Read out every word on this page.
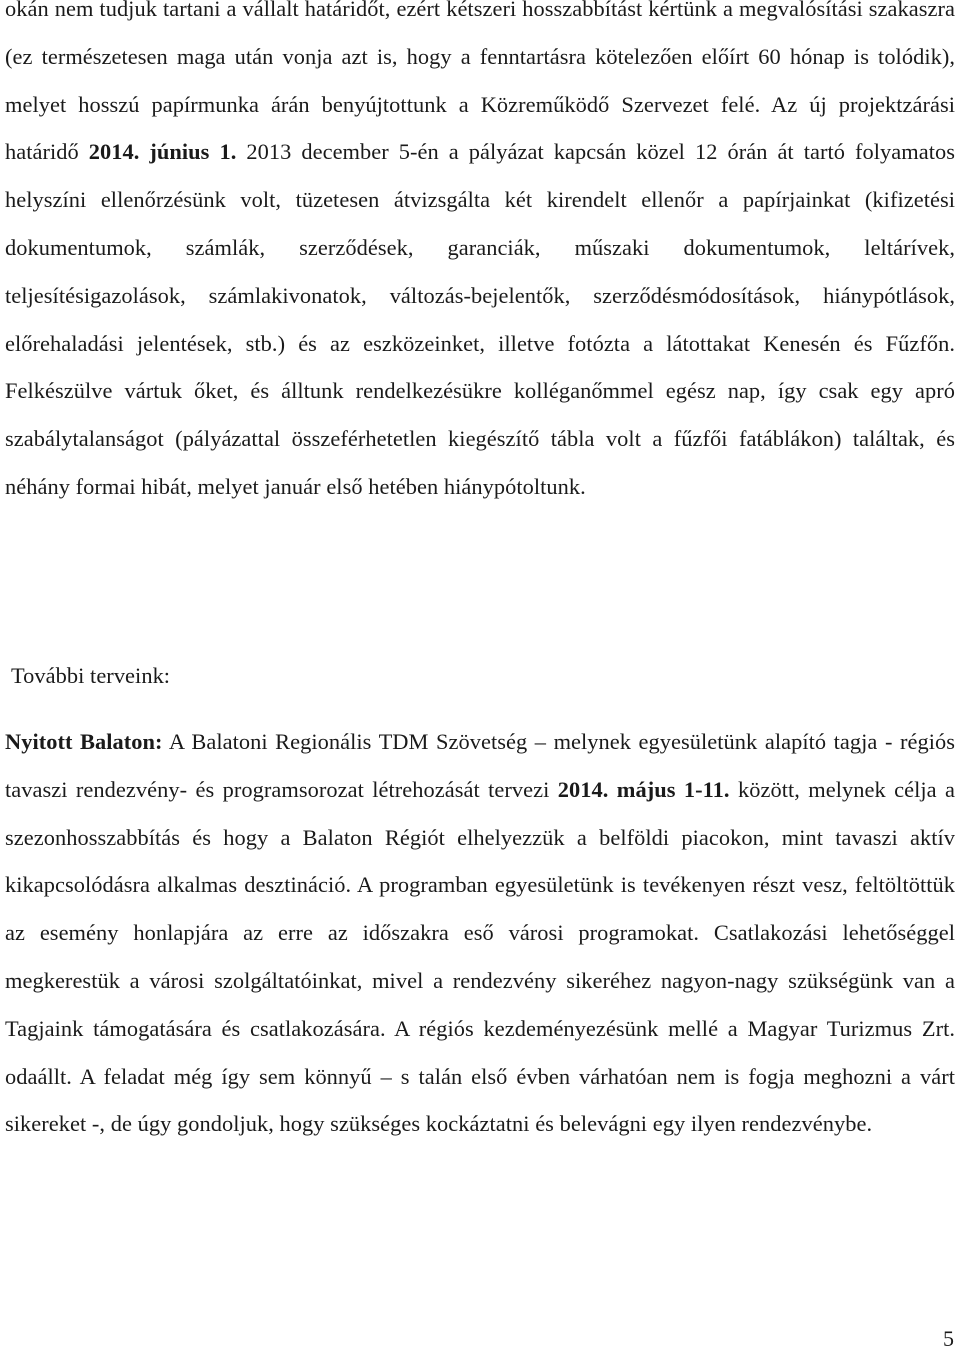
okán nem tudjuk tartani a vállalt határidőt, ezért kétszeri hosszabbítást kértünk a megvalósítási szakaszra (ez természetesen maga után vonja azt is, hogy a fenntartásra kötelezően előírt 60 hónap is tolódik), melyet hosszú papírmunka árán benyújtottunk a Közreműködő Szervezet felé. Az új projektzárási határidő 2014. június 1. 2013 december 5-én a pályázat kapcsán közel 12 órán át tartó folyamatos helyszíni ellenőrzésünk volt, tüzetesen átvizsgálta két kirendelt ellenőr a papírjainkat (kifizetési dokumentumok, számlák, szerződések, garanciák, műszaki dokumentumok, leltárívek, teljesítésigazolások, számlakivonatok, változás-bejelentők, szerződésmódosítások, hiánypótlások, előrehaladási jelentések, stb.) és az eszközeinket, illetve fotózta a látottakat Kenesén és Fűzfőn. Felkészülve vártuk őket, és álltunk rendelkezésükre kolléganőmmel egész nap, így csak egy apró szabálytalanságot (pályázattal összeférhetetlen kiegészítő tábla volt a fűzfői fatáblákon) találtak, és néhány formai hibát, melyet január első hetében hiánypótoltunk.

További terveink:

Nyitott Balaton: A Balatoni Regionális TDM Szövetség – melynek egyesületünk alapító tagja - régiós tavaszi rendezvény- és programsorozat létrehozását tervezi 2014. május 1-11. között, melynek célja a szezonhosszabbítás és hogy a Balaton Régiót elhelyezzük a belföldi piacokon, mint tavaszi aktív kikapcsolódásra alkalmas desztináció. A programban egyesületünk is tevékenyen részt vesz, feltöltöttük az esemény honlapjára az erre az időszakra eső városi programokat. Csatlakozási lehetőséggel megkerestük a városi szolgáltatóinkat, mivel a rendezvény sikeréhez nagyon-nagy szükségünk van a Tagjaink támogatására és csatlakozására. A régiós kezdeményezésünk mellé a Magyar Turizmus Zrt. odaállt. A feladat még így sem könnyű – s talán első évben várhatóan nem is fogja meghozni a várt sikereket -, de úgy gondoljuk, hogy szükséges kockáztatni és belevágni egy ilyen rendezvénybe.

5
